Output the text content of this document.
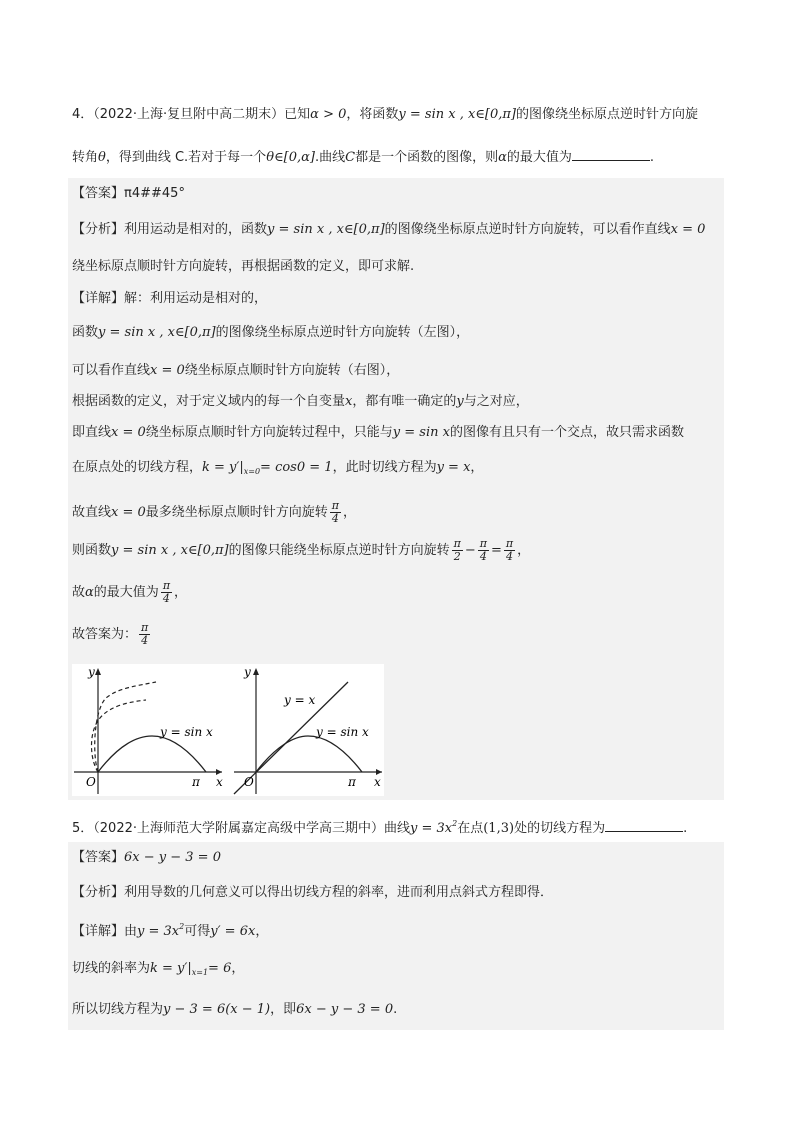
4．（2022·上海·复旦附中高二期末）已知α > 0，将函数y = sin x , x∈[0,π]的图像绕坐标原点逆时针方向旋
转角θ，得到曲线 C.若对于每一个θ∈[0,α].曲线C都是一个函数的图像，则α的最大值为	.
【答案】π4##45°
【分析】利用运动是相对的，函数y = sin x , x∈[0,π]的图像绕坐标原点逆时针方向旋转，可以看作直线x = 0
绕坐标原点顺时针方向旋转，再根据函数的定义，即可求解.
【详解】解：利用运动是相对的，
函数y = sin x , x∈[0,π]的图像绕坐标原点逆时针方向旋转（左图），
可以看作直线x = 0绕坐标原点顺时针方向旋转（右图），
根据函数的定义，对于定义域内的每一个自变量x，都有唯一确定的y与之对应，
即直线x = 0绕坐标原点顺时针方向旋转过程中，只能与y = sin x的图像有且只有一个交点，故只需求函数
在原点处的切线方程，$k = y'|_{x=0}= \cos 0 = 1$，此时切线方程为y = x，
故直线x = 0最多绕坐标原点顺时针方向旋转 $\frac{\pi}{4}$ ，
则函数y = sin x , x∈[0,π]的图像只能绕坐标原点逆时针方向旋转 $\frac{\pi}{2} - \frac{\pi}{4} = \frac{\pi}{4}$ ，
故α的最大值为 $\frac{\pi}{4}$ ，
故答案为： $\frac{\pi}{4}$
y
x
O	π
y = sin x
y
x
O	π
y = x
y = sin x
5．（2022·上海师范大学附属嘉定高级中学高三期中）曲线$y = 3x^2$在点(1,3)处的切线方程为	.
【答案】6x − y − 3 = 0
【分析】利用导数的几何意义可以得出切线方程的斜率，进而利用点斜式方程即得．
【详解】由$y = 3x^2$可得y′ = 6x，
切线的斜率为$k = y'|_{x=1}= 6$，
所以切线方程为y − 3 = 6(x − 1)，即6x − y − 3 = 0.
